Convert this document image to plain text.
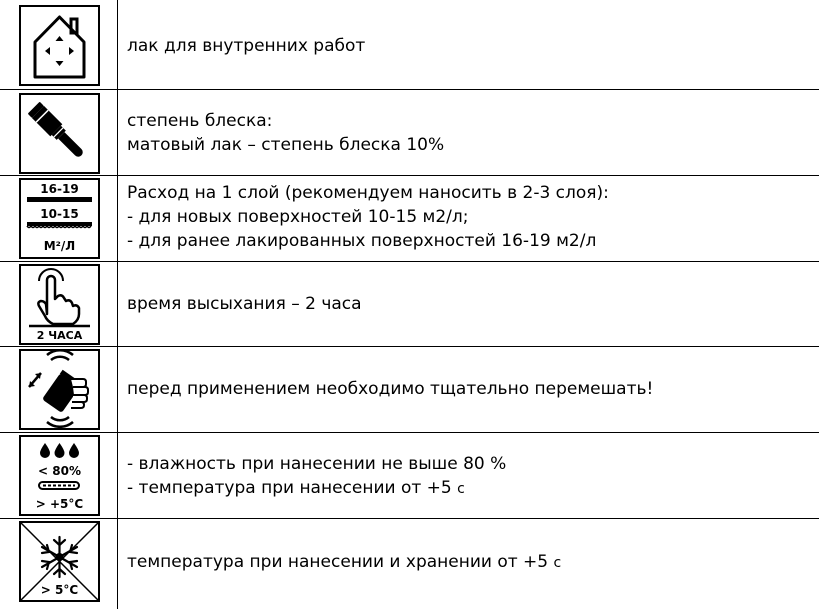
лак для внутренних работ
степень блеска:
матовый лак – степень блеска 10%
16-19
10-15
М²/Л
Расход на 1 слой (рекомендуем наносить в 2-3 слоя):
- для новых поверхностей 10-15 м2/л;
- для ранее лакированных поверхностей 16-19 м2/л
2 ЧАСА
время высыхания – 2 часа
перед применением необходимо тщательно перемешать!
< 80%
> +5°C
- влажность при нанесении не выше 80 %
- температура при нанесении от +5 с
> 5°C
температура при нанесении и хранении от +5 с
